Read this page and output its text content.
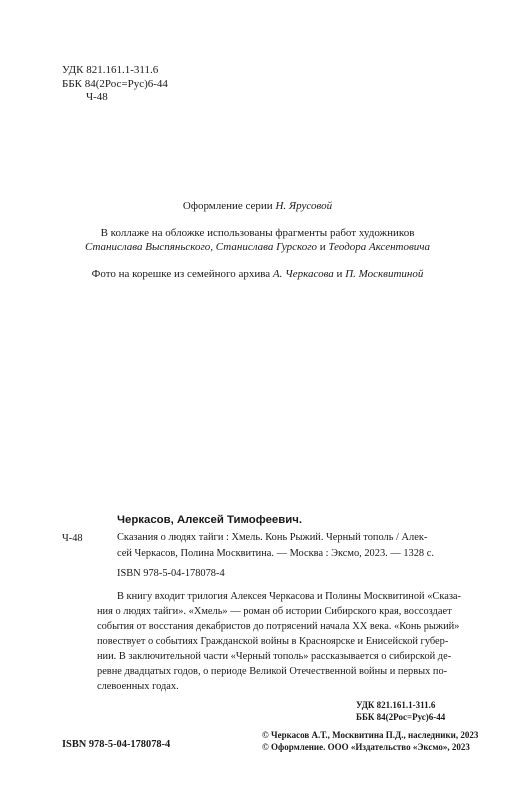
УДК 821.161.1-311.6
ББК 84(2Рос=Рус)6-44
Ч-48
Оформление серии Н. Ярусовой
В коллаже на обложке использованы фрагменты работ художников
Станислава Выспяньского, Станислава Гурского и Теодора Аксентовича
Фото на корешке из семейного архива А. Черкасова и П. Москвитиной
Ч-48
Черкасов, Алексей Тимофеевич.
Сказания о людях тайги : Хмель. Конь Рыжий. Черный тополь / Алек-
сей Черкасов, Полина Москвитина. — Москва : Эксмо, 2023. — 1328 с.
ISBN 978-5-04-178078-4
В книгу входит трилогия Алексея Черкасова и Полины Москвитиной «Сказа-
ния о людях тайги». «Хмель» — роман об истории Сибирского края, воссоздает
события от восстания декабристов до потрясений начала ХХ века. «Конь рыжий»
повествует о событиях Гражданской войны в Красноярске и Енисейской губер-
нии. В заключительной части «Черный тополь» рассказывается о сибирской де-
ревне двадцатых годов, о периоде Великой Отечественной войны и первых по-
слевоенных годах.
УДК 821.161.1-311.6
ББК 84(2Рос=Рус)6-44
ISBN 978-5-04-178078-4
© Черкасов А.Т., Москвитина П.Д., наследники, 2023
© Оформление. ООО «Издательство «Эксмо», 2023
